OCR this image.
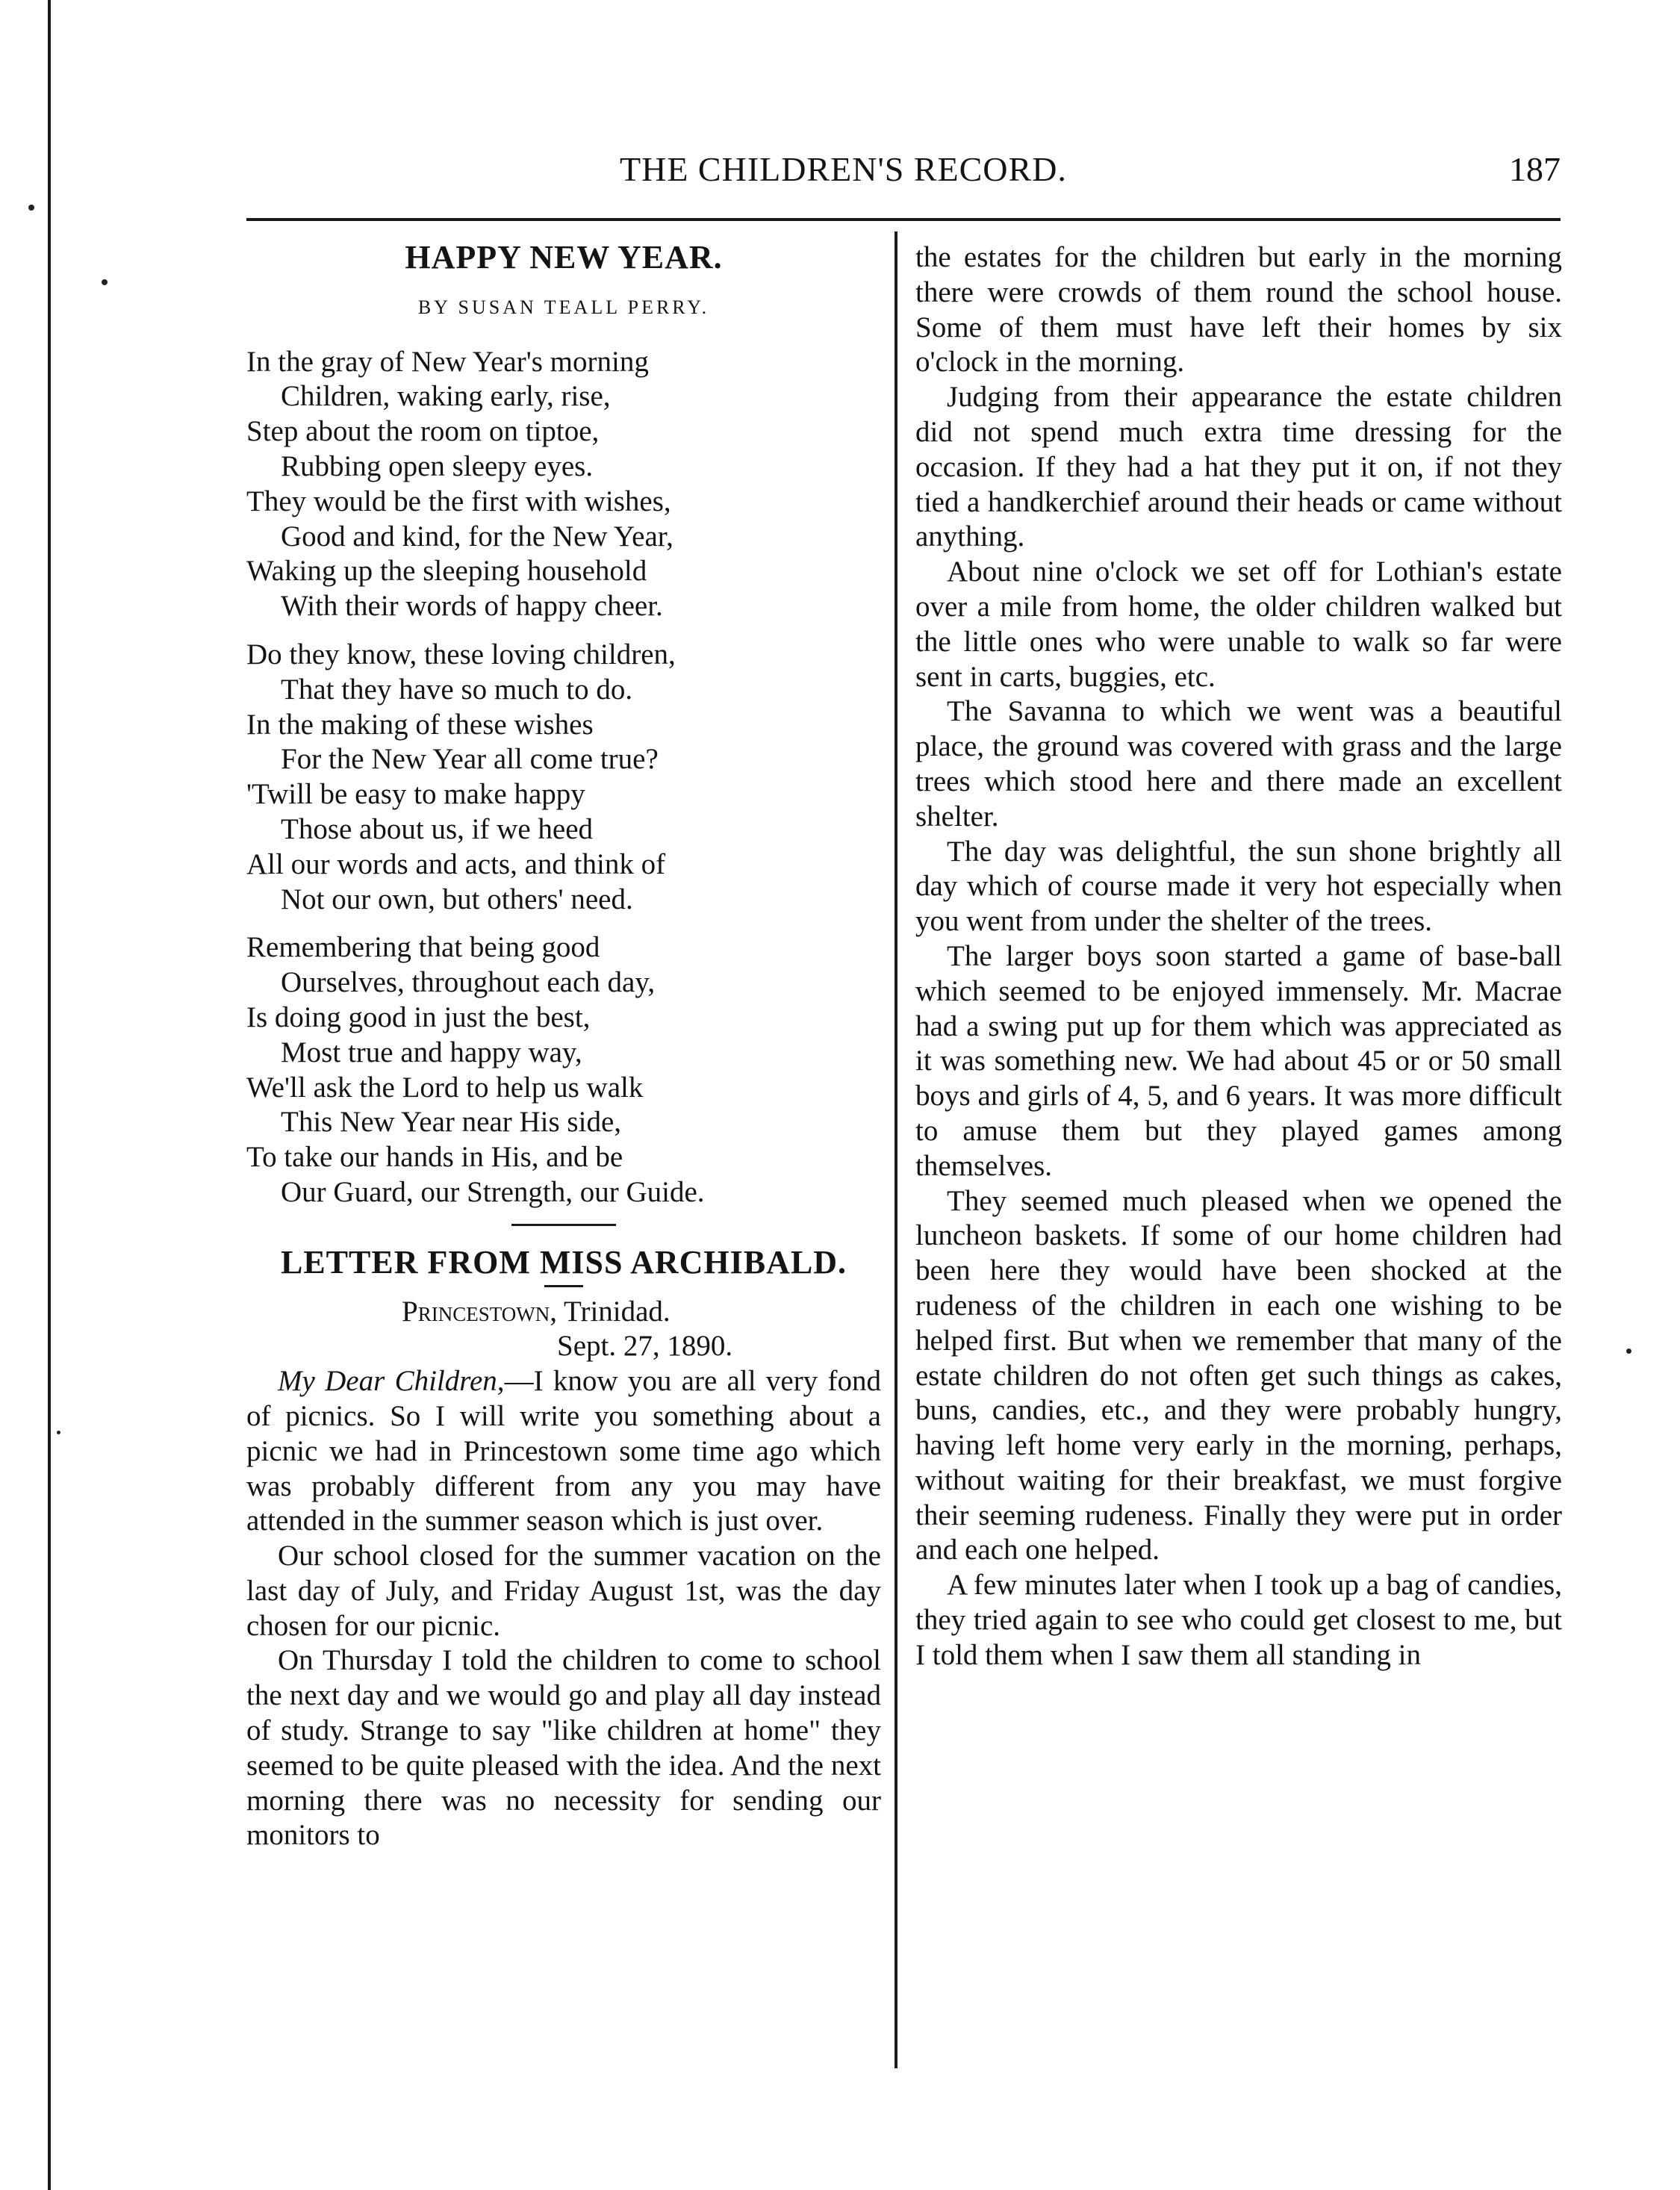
THE CHILDREN'S RECORD.	187
HAPPY NEW YEAR.
BY SUSAN TEALL PERRY.
In the gray of New Year's morning
Children, waking early, rise,
Step about the room on tiptoe,
Rubbing open sleepy eyes.
They would be the first with wishes,
Good and kind, for the New Year,
Waking up the sleeping household
With their words of happy cheer.
Do they know, these loving children,
That they have so much to do.
In the making of these wishes
For the New Year all come true?
'Twill be easy to make happy
Those about us, if we heed
All our words and acts, and think of
Not our own, but others' need.
Remembering that being good
Ourselves, throughout each day,
Is doing good in just the best,
Most true and happy way,
We'll ask the Lord to help us walk
This New Year near His side,
To take our hands in His, and be
Our Guard, our Strength, our Guide.
LETTER FROM MISS ARCHIBALD.
Princestown, Trinidad.
Sept. 27, 1890.

My Dear Children,—I know you are all very fond of picnics. So I will write you something about a picnic we had in Princestown some time ago which was probably different from any you may have attended in the summer season which is just over.

Our school closed for the summer vacation on the last day of July, and Friday August 1st, was the day chosen for our picnic.

On Thursday I told the children to come to school the next day and we would go and play all day instead of study. Strange to say "like children at home" they seemed to be quite pleased with the idea. And the next morning there was no necessity for sending our monitors to

the estates for the children but early in the morning there were crowds of them round the school house. Some of them must have left their homes by six o'clock in the morning.

Judging from their appearance the estate children did not spend much extra time dressing for the occasion. If they had a hat they put it on, if not they tied a handkerchief around their heads or came without anything.

About nine o'clock we set off for Lothian's estate over a mile from home, the older children walked but the little ones who were unable to walk so far were sent in carts, buggies, etc.

The Savanna to which we went was a beautiful place, the ground was covered with grass and the large trees which stood here and there made an excellent shelter.

The day was delightful, the sun shone brightly all day which of course made it very hot especially when you went from under the shelter of the trees.

The larger boys soon started a game of base-ball which seemed to be enjoyed immensely. Mr. Macrae had a swing put up for them which was appreciated as it was something new. We had about 45 or or 50 small boys and girls of 4, 5, and 6 years. It was more difficult to amuse them but they played games among themselves.

They seemed much pleased when we opened the luncheon baskets. If some of our home children had been here they would have been shocked at the rudeness of the children in each one wishing to be helped first. But when we remember that many of the estate children do not often get such things as cakes, buns, candies, etc., and they were probably hungry, having left home very early in the morning, perhaps, without waiting for their breakfast, we must forgive their seeming rudeness. Finally they were put in order and each one helped.

A few minutes later when I took up a bag of candies, they tried again to see who could get closest to me, but I told them when I saw them all standing in
